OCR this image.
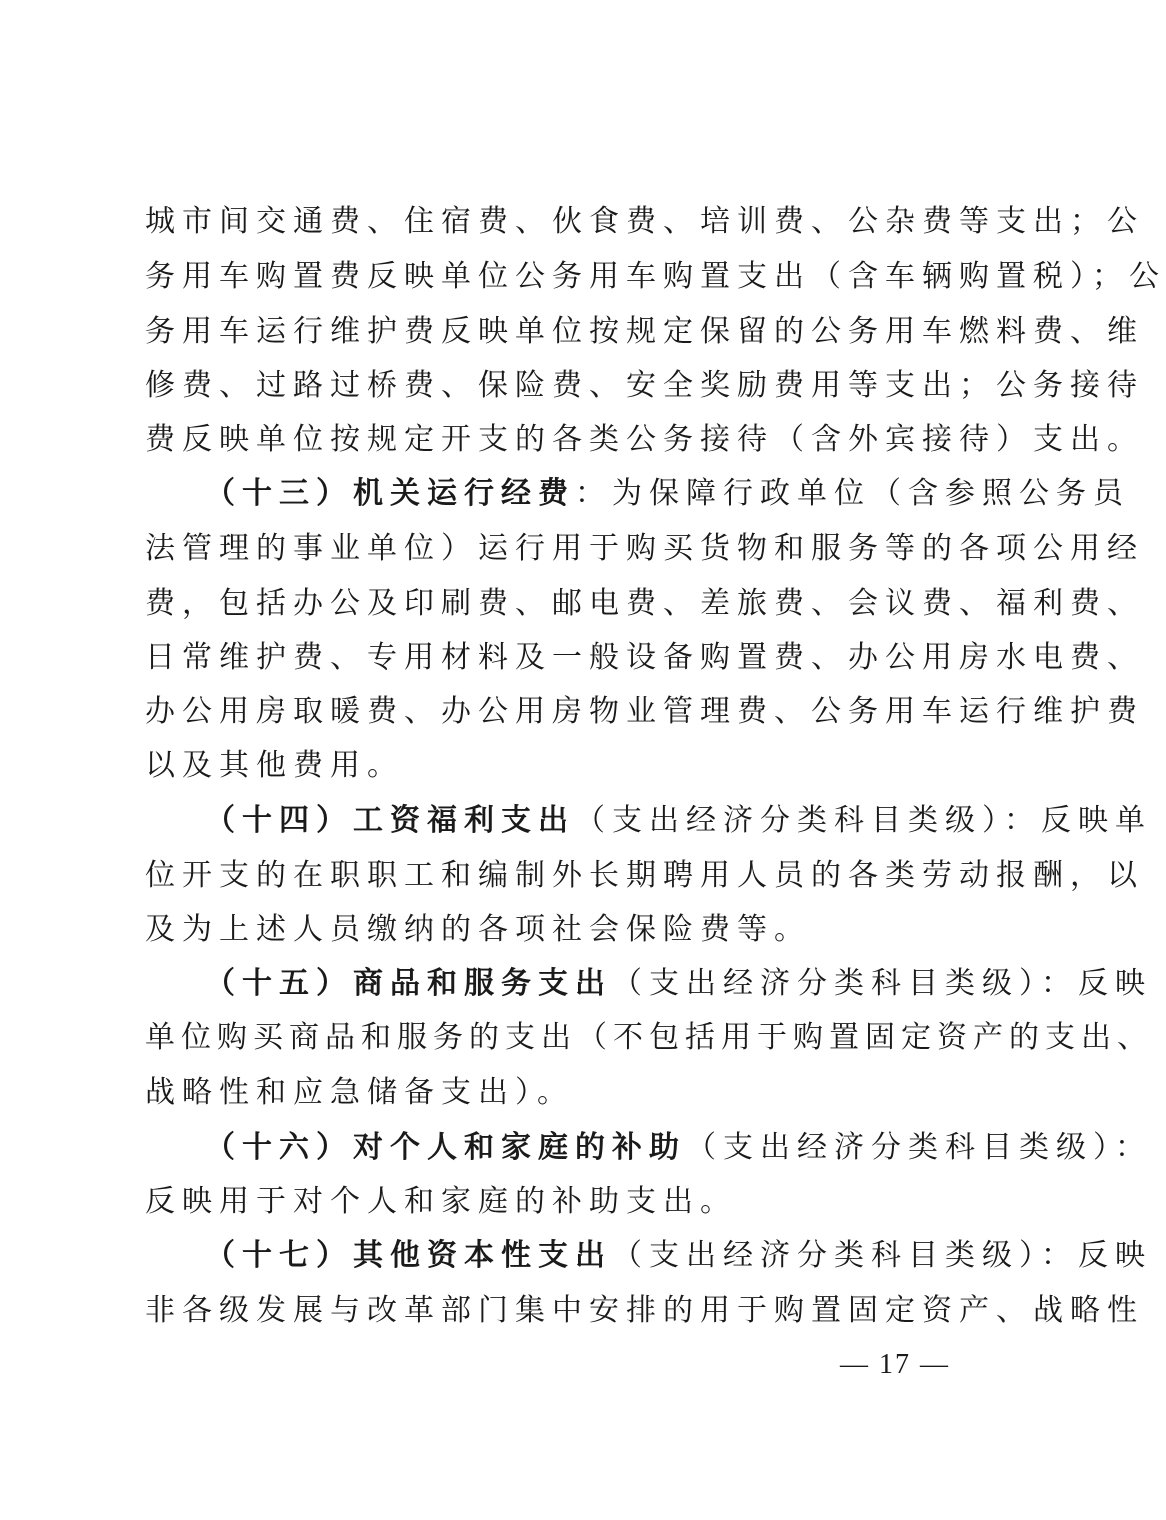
城市间交通费、住宿费、伙食费、培训费、公杂费等支出；公
务用车购置费反映单位公务用车购置支出（含车辆购置税）；公
务用车运行维护费反映单位按规定保留的公务用车燃料费、维
修费、过路过桥费、保险费、安全奖励费用等支出；公务接待
费反映单位按规定开支的各类公务接待（含外宾接待）支出。
（十三）机关运行经费：为保障行政单位（含参照公务员
法管理的事业单位）运行用于购买货物和服务等的各项公用经
费，包括办公及印刷费、邮电费、差旅费、会议费、福利费、
日常维护费、专用材料及一般设备购置费、办公用房水电费、
办公用房取暖费、办公用房物业管理费、公务用车运行维护费
以及其他费用。
（十四）工资福利支出（支出经济分类科目类级）：反映单
位开支的在职职工和编制外长期聘用人员的各类劳动报酬，以
及为上述人员缴纳的各项社会保险费等。
（十五）商品和服务支出（支出经济分类科目类级）：反映
单位购买商品和服务的支出（不包括用于购置固定资产的支出、
战略性和应急储备支出）。
（十六）对个人和家庭的补助（支出经济分类科目类级）：
反映用于对个人和家庭的补助支出。
（十七）其他资本性支出（支出经济分类科目类级）：反映
非各级发展与改革部门集中安排的用于购置固定资产、战略性
— 17 —
